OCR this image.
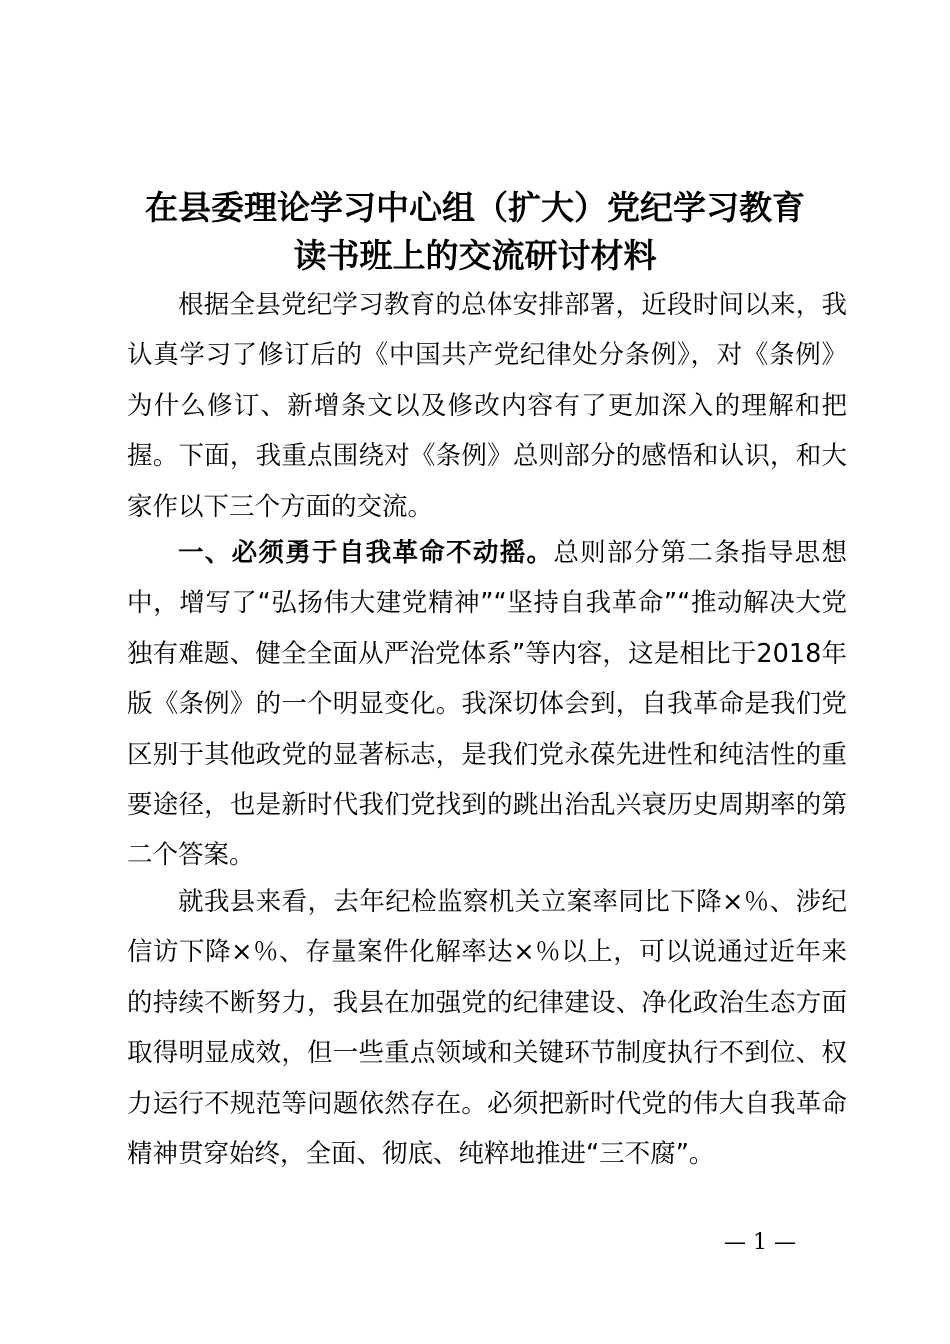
在县委理论学习中心组（扩大）党纪学习教育
读书班上的交流研讨材料

根据全县党纪学习教育的总体安排部署，近段时间以来，我认真学习了修订后的《中国共产党纪律处分条例》，对《条例》为什么修订、新增条文以及修改内容有了更加深入的理解和把握。下面，我重点围绕对《条例》总则部分的感悟和认识，和大家作以下三个方面的交流。

一、必须勇于自我革命不动摇。总则部分第二条指导思想中，增写了“弘扬伟大建党精神”“坚持自我革命”“推动解决大党独有难题、健全全面从严治党体系”等内容，这是相比于2018年版《条例》的一个明显变化。我深切体会到，自我革命是我们党区别于其他政党的显著标志，是我们党永葆先进性和纯洁性的重要途径，也是新时代我们党找到的跳出治乱兴衰历史周期率的第二个答案。

就我县来看，去年纪检监察机关立案率同比下降×％、涉纪信访下降×％、存量案件化解率达×％以上，可以说通过近年来的持续不断努力，我县在加强党的纪律建设、净化政治生态方面取得明显成效，但一些重点领域和关键环节制度执行不到位、权力运行不规范等问题依然存在。必须把新时代党的伟大自我革命精神贯穿始终，全面、彻底、纯粹地推进“三不腐”。

— 1 —
